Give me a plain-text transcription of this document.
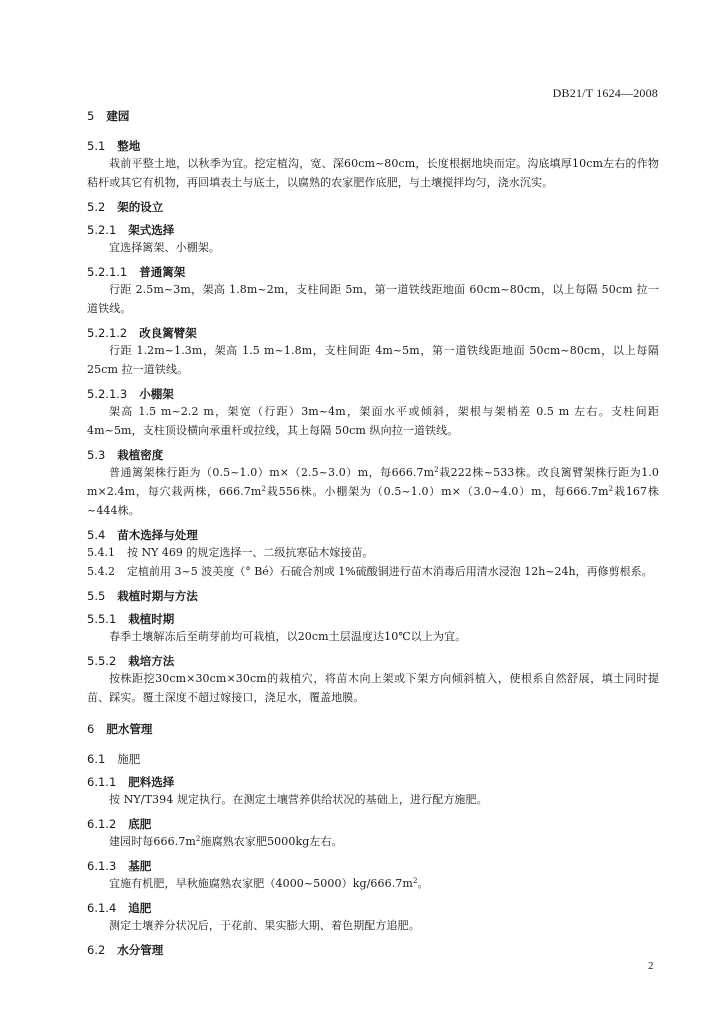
DB21/T 1624—2008
5 建园
5.1 整地

栽前平整土地，以秋季为宜。挖定植沟，宽、深60cm~80cm，长度根据地块而定。沟底填厚10cm左右的作物秸杆或其它有机物，再回填表土与底土，以腐熟的农家肥作底肥，与土壤搅拌均匀，浇水沉实。

5.2 架的设立
5.2.1 架式选择

宜选择篱架、小棚架。

5.2.1.1 普通篱架

行距 2.5m~3m，架高 1.8m~2m，支柱间距 5m，第一道铁线距地面 60cm~80cm，以上每隔 50cm 拉一道铁线。

5.2.1.2 改良篱臂架

行距 1.2m~1.3m，架高 1.5 m~1.8m，支柱间距 4m~5m，第一道铁线距地面 50cm~80cm，以上每隔 25cm 拉一道铁线。

5.2.1.3 小棚架

架高 1.5 m~2.2 m，架宽（行距）3m~4m，架面水平或倾斜，架根与架梢差 0.5 m 左右。支柱间距 4m~5m，支柱顶设横向承重杆或拉线，其上每隔 50cm 纵向拉一道铁线。

5.3 栽植密度

普通篱架株行距为（0.5~1.0）m×（2.5~3.0）m，每$666.7m^2$栽222株~533株。改良篱臂架株行距为1.0 m×2.4m，每穴栽两株，$666.7m^2$栽556株。小棚架为（0.5~1.0）m×（3.0~4.0）m，每$666.7m^2$栽167株~444株。

5.4 苗木选择与处理

5.4.1 按 NY 469 的规定选择一、二级抗寒砧木嫁接苗。

5.4.2 定植前用 3~5 波美度（° Bé）石硫合剂或 1%硫酸铜进行苗木消毒后用清水浸泡 12h~24h，再修剪根系。

5.5 栽植时期与方法
5.5.1 栽植时期

春季土壤解冻后至萌芽前均可栽植，以20cm土层温度达10℃以上为宜。

5.5.2 栽培方法

按株距挖30cm×30cm×30cm的栽植穴，将苗木向上架或下架方向倾斜植入，使根系自然舒展，填土同时提苗、踩实。覆土深度不超过嫁接口，浇足水，覆盖地膜。

6 肥水管理
6.1 施肥
6.1.1 肥料选择

按 NY/T394 规定执行。在测定土壤营养供给状况的基础上，进行配方施肥。

6.1.2 底肥

建园时每$666.7m^2$施腐熟农家肥5000kg左右。

6.1.3 基肥

宜施有机肥，早秋施腐熟农家肥$(4000\sim 5000)kg/666.7m^2$。

6.1.4 追肥

测定土壤养分状况后，于花前、果实膨大期、着色期配方追肥。

6.2 水分管理
2
